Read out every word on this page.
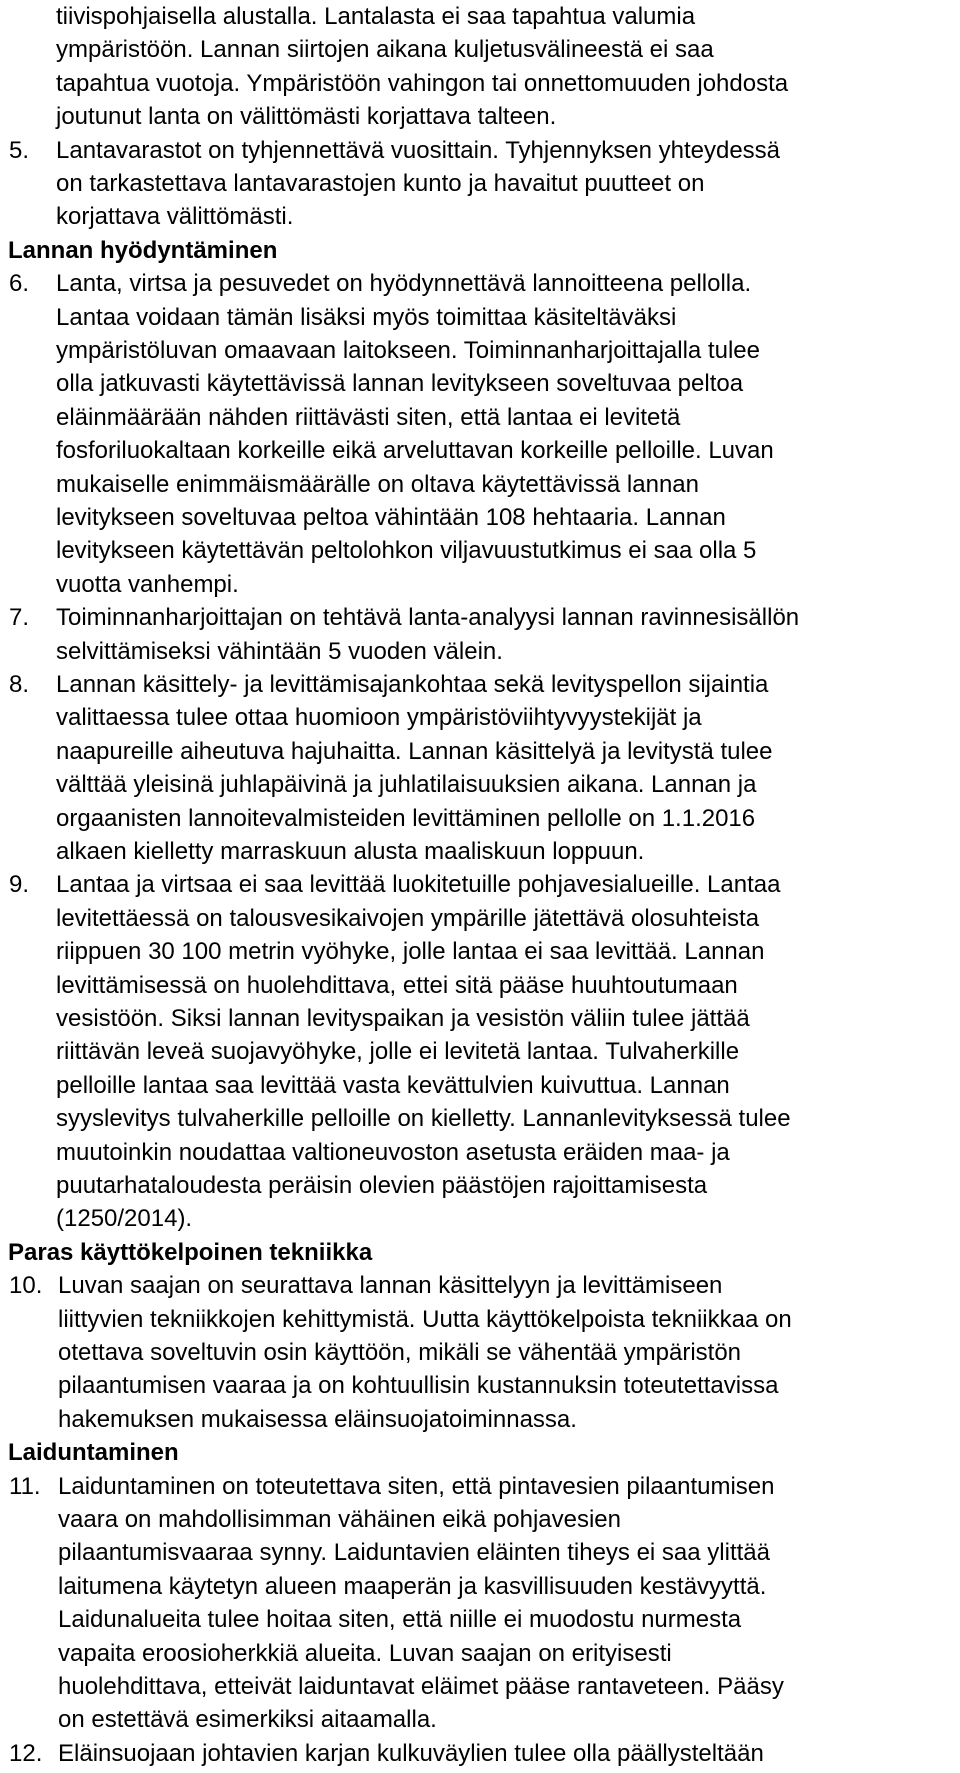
tiivispohjaisella alustalla. Lantalasta ei saa tapahtua valumia
ympäristöön. Lannan siirtojen aikana kuljetusvälineestä ei saa
tapahtua vuotoja. Ympäristöön vahingon tai onnettomuuden johdosta
joutunut lanta on välittömästi korjattava talteen.
5. Lantavarastot on tyhjennettävä vuosittain. Tyhjennyksen yhteydessä
on tarkastettava lantavarastojen kunto ja havaitut puutteet on
korjattava välittömästi.
Lannan hyödyntäminen
6. Lanta, virtsa ja pesuvedet on hyödynnettävä lannoitteena pellolla.
Lantaa voidaan tämän lisäksi myös toimittaa käsiteltäväksi
ympäristöluvan omaavaan laitokseen. Toiminnanharjoittajalla tulee
olla jatkuvasti käytettävissä lannan levitykseen soveltuvaa peltoa
eläinmäärään nähden riittävästi siten, että lantaa ei levitetä
fosforiluokaltaan korkeille eikä arveluttavan korkeille pelloille. Luvan
mukaiselle enimmäismäärälle on oltava käytettävissä lannan
levitykseen soveltuvaa peltoa vähintään 108 hehtaaria. Lannan
levitykseen käytettävän peltolohkon viljavuustutkimus ei saa olla 5
vuotta vanhempi.
7. Toiminnanharjoittajan on tehtävä lanta-analyysi lannan ravinnesisällön
selvittämiseksi vähintään 5 vuoden välein.
8. Lannan käsittely- ja levittämisajankohtaa sekä levityspellon sijaintia
valittaessa tulee ottaa huomioon ympäristöviihtyvyystekijät ja
naapureille aiheutuva hajuhaitta. Lannan käsittelyä ja levitystä tulee
välttää yleisinä juhlapäivinä ja juhlatilaisuuksien aikana. Lannan ja
orgaanisten lannoitevalmisteiden levittäminen pellolle on 1.1.2016
alkaen kielletty marraskuun alusta maaliskuun loppuun.
9. Lantaa ja virtsaa ei saa levittää luokitetuille pohjavesialueille. Lantaa
levitettäessä on talousvesikaivojen ympärille jätettävä olosuhteista
riippuen 30 100 metrin vyöhyke, jolle lantaa ei saa levittää. Lannan
levittämisessä on huolehdittava, ettei sitä pääse huuhtoutumaan
vesistöön. Siksi lannan levityspaikan ja vesistön väliin tulee jättää
riittävän leveä suojavyöhyke, jolle ei levitetä lantaa. Tulvaherkille
pelloille lantaa saa levittää vasta kevättulvien kuivuttua. Lannan
syyslevitys tulvaherkille pelloille on kielletty. Lannanlevityksessä tulee
muutoinkin noudattaa valtioneuvoston asetusta eräiden maa- ja
puutarhataloudesta peräisin olevien päästöjen rajoittamisesta
(1250/2014).
Paras käyttökelpoinen tekniikka
10. Luvan saajan on seurattava lannan käsittelyyn ja levittämiseen
liittyvien tekniikkojen kehittymistä. Uutta käyttökelpoista tekniikkaa on
otettava soveltuvin osin käyttöön, mikäli se vähentää ympäristön
pilaantumisen vaaraa ja on kohtuullisin kustannuksin toteutettavissa
hakemuksen mukaisessa eläinsuojatoiminnassa.
Laiduntaminen
11. Laiduntaminen on toteutettava siten, että pintavesien pilaantumisen
vaara on mahdollisimman vähäinen eikä pohjavesien
pilaantumisvaaraa synny. Laiduntavien eläinten tiheys ei saa ylittää
laitumena käytetyn alueen maaperän ja kasvillisuuden kestävyyttä.
Laidunalueita tulee hoitaa siten, että niille ei muodostu nurmesta
vapaita eroosioherkkiä alueita. Luvan saajan on erityisesti
huolehdittava, etteivät laiduntavat eläimet pääse rantaveteen. Pääsy
on estettävä esimerkiksi aitaamalla.
12. Eläinsuojaan johtavien karjan kulkuväylien tulee olla päällysteltään
